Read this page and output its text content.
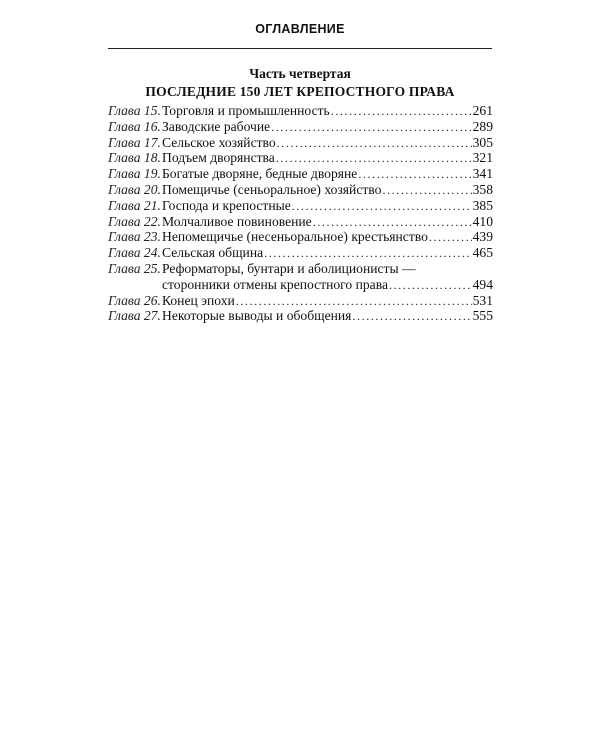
ОГЛАВЛЕНИЕ
Часть четвертая
ПОСЛЕДНИЕ 150 ЛЕТ КРЕПОСТНОГО ПРАВА
Глава 15. Торговля и промышленность .....	261
Глава 16. Заводские рабочие .....	289
Глава 17. Сельское хозяйство .....	305
Глава 18. Подъем дворянства .....	321
Глава 19. Богатые дворяне, бедные дворяне .....	341
Глава 20. Помещичье (сеньоральное) хозяйство .....	358
Глава 21. Господа и крепостные .....	385
Глава 22. Молчаливое повиновение .....	410
Глава 23. Непомещичье (несеньоральное) крестьянство .....	439
Глава 24. Сельская община .....	465
Глава 25. Реформаторы, бунтари и аболиционисты —
сторонники отмены крепостного права .....	494
Глава 26. Конец эпохи .....	531
Глава 27. Некоторые выводы и обобщения .....	555
